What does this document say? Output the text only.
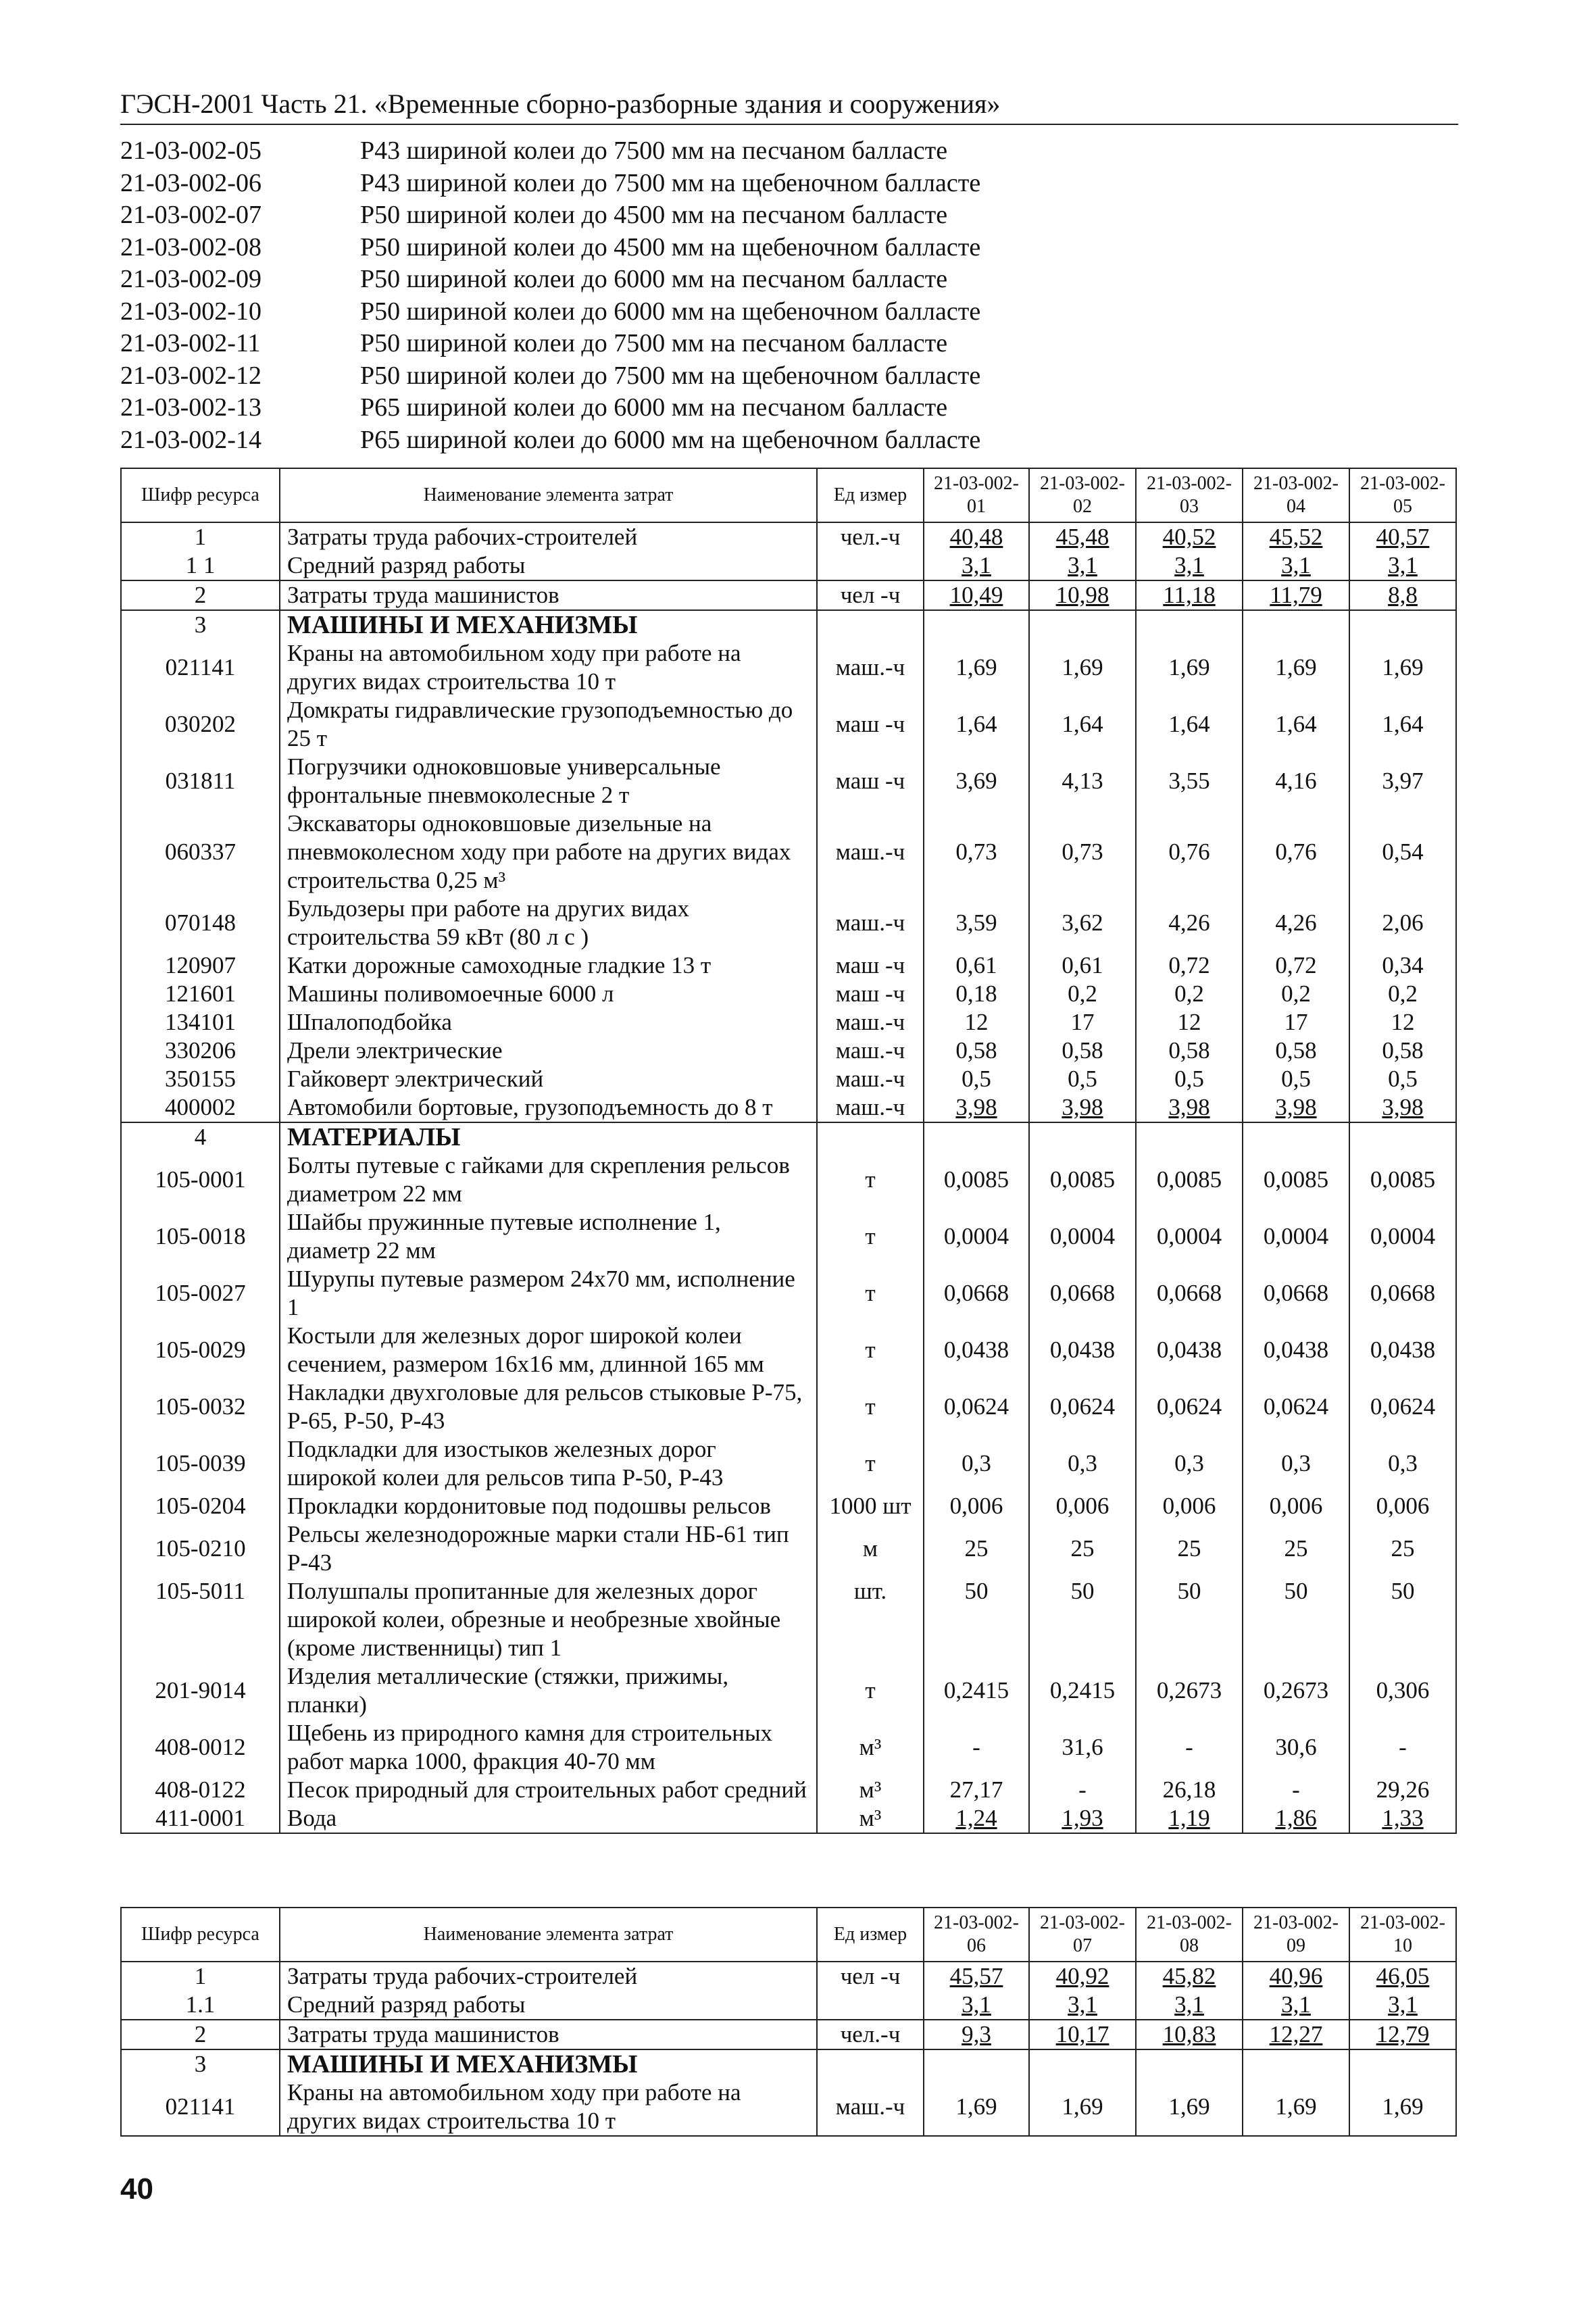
ГЭСН-2001 Часть 21. «Временные сборно-разборные здания и сооружения»
21-03-002-05	Р43 шириной колеи до 7500 мм на песчаном балласте
21-03-002-06	Р43 шириной колеи до 7500 мм на щебеночном балласте
21-03-002-07	Р50 шириной колеи до 4500 мм на песчаном балласте
21-03-002-08	Р50 шириной колеи до 4500 мм на щебеночном балласте
21-03-002-09	Р50 шириной колеи до 6000 мм на песчаном балласте
21-03-002-10	Р50 шириной колеи до 6000 мм на щебеночном балласте
21-03-002-11	Р50 шириной колеи до 7500 мм на песчаном балласте
21-03-002-12	Р50 шириной колеи до 7500 мм на щебеночном балласте
21-03-002-13	Р65 шириной колеи до 6000 мм на песчаном балласте
21-03-002-14	Р65 шириной колеи до 6000 мм на щебеночном балласте
Шифр ресурса	Наименование элемента затрат	Ед измер	21-03-002-01	21-03-002-02	21-03-002-03	21-03-002-04	21-03-002-05
1	Затраты труда рабочих-строителей	чел.-ч	40,48	45,48	40,52	45,52	40,57
1 1	Средний разряд работы		3,1	3,1	3,1	3,1	3,1
2	Затраты труда машинистов	чел -ч	10,49	10,98	11,18	11,79	8,8
3	МАШИНЫ И МЕХАНИЗМЫ						
021141	Краны на автомобильном ходу при работе на других видах строительства 10 т	маш.-ч	1,69	1,69	1,69	1,69	1,69
030202	Домкраты гидравлические грузоподъемностью до 25 т	маш -ч	1,64	1,64	1,64	1,64	1,64
031811	Погрузчики одноковшовые универсальные фронтальные пневмоколесные 2 т	маш -ч	3,69	4,13	3,55	4,16	3,97
060337	Экскаваторы одноковшовые дизельные на пневмоколесном ходу при работе на других видах строительства 0,25 м³	маш.-ч	0,73	0,73	0,76	0,76	0,54
070148	Бульдозеры при работе на других видах строительства 59 кВт (80 л с )	маш.-ч	3,59	3,62	4,26	4,26	2,06
120907	Катки дорожные самоходные гладкие 13 т	маш -ч	0,61	0,61	0,72	0,72	0,34
121601	Машины поливомоечные 6000 л	маш -ч	0,18	0,2	0,2	0,2	0,2
134101	Шпалоподбойка	маш.-ч	12	17	12	17	12
330206	Дрели электрические	маш.-ч	0,58	0,58	0,58	0,58	0,58
350155	Гайковерт электрический	маш.-ч	0,5	0,5	0,5	0,5	0,5
400002	Автомобили бортовые, грузоподъемность до 8 т	маш.-ч	3,98	3,98	3,98	3,98	3,98
4	МАТЕРИАЛЫ						
105-0001	Болты путевые с гайками для скрепления рельсов диаметром 22 мм	т	0,0085	0,0085	0,0085	0,0085	0,0085
105-0018	Шайбы пружинные путевые исполнение 1, диаметр 22 мм	т	0,0004	0,0004	0,0004	0,0004	0,0004
105-0027	Шурупы путевые размером 24x70 мм, исполнение 1	т	0,0668	0,0668	0,0668	0,0668	0,0668
105-0029	Костыли для железных дорог широкой колеи сечением, размером 16x16 мм, длинной 165 мм	т	0,0438	0,0438	0,0438	0,0438	0,0438
105-0032	Накладки двухголовые для рельсов стыковые Р-75, Р-65, Р-50, Р-43	т	0,0624	0,0624	0,0624	0,0624	0,0624
105-0039	Подкладки для изостыков железных дорог широкой колеи для рельсов типа Р-50, Р-43	т	0,3	0,3	0,3	0,3	0,3
105-0204	Прокладки кордонитовые под подошвы рельсов	1000 шт	0,006	0,006	0,006	0,006	0,006
105-0210	Рельсы железнодорожные марки стали НБ-61 тип Р-43	м	25	25	25	25	25
105-5011	Полушпалы пропитанные для железных дорог широкой колеи, обрезные и необрезные хвойные (кроме лиственницы) тип 1	шт.	50	50	50	50	50
201-9014	Изделия металлические (стяжки, прижимы, планки)	т	0,2415	0,2415	0,2673	0,2673	0,306
408-0012	Щебень из природного камня для строительных работ марка 1000, фракция 40-70 мм	м³	-	31,6	-	30,6	-
408-0122	Песок природный для строительных работ средний	м³	27,17	-	26,18	-	29,26
411-0001	Вода	м³	1,24	1,93	1,19	1,86	1,33
Шифр ресурса	Наименование элемента затрат	Ед измер	21-03-002-06	21-03-002-07	21-03-002-08	21-03-002-09	21-03-002-10
1	Затраты труда рабочих-строителей	чел -ч	45,57	40,92	45,82	40,96	46,05
1.1	Средний разряд работы		3,1	3,1	3,1	3,1	3,1
2	Затраты труда машинистов	чел.-ч	9,3	10,17	10,83	12,27	12,79
3	МАШИНЫ И МЕХАНИЗМЫ						
021141	Краны на автомобильном ходу при работе на других видах строительства 10 т	маш.-ч	1,69	1,69	1,69	1,69	1,69
40
